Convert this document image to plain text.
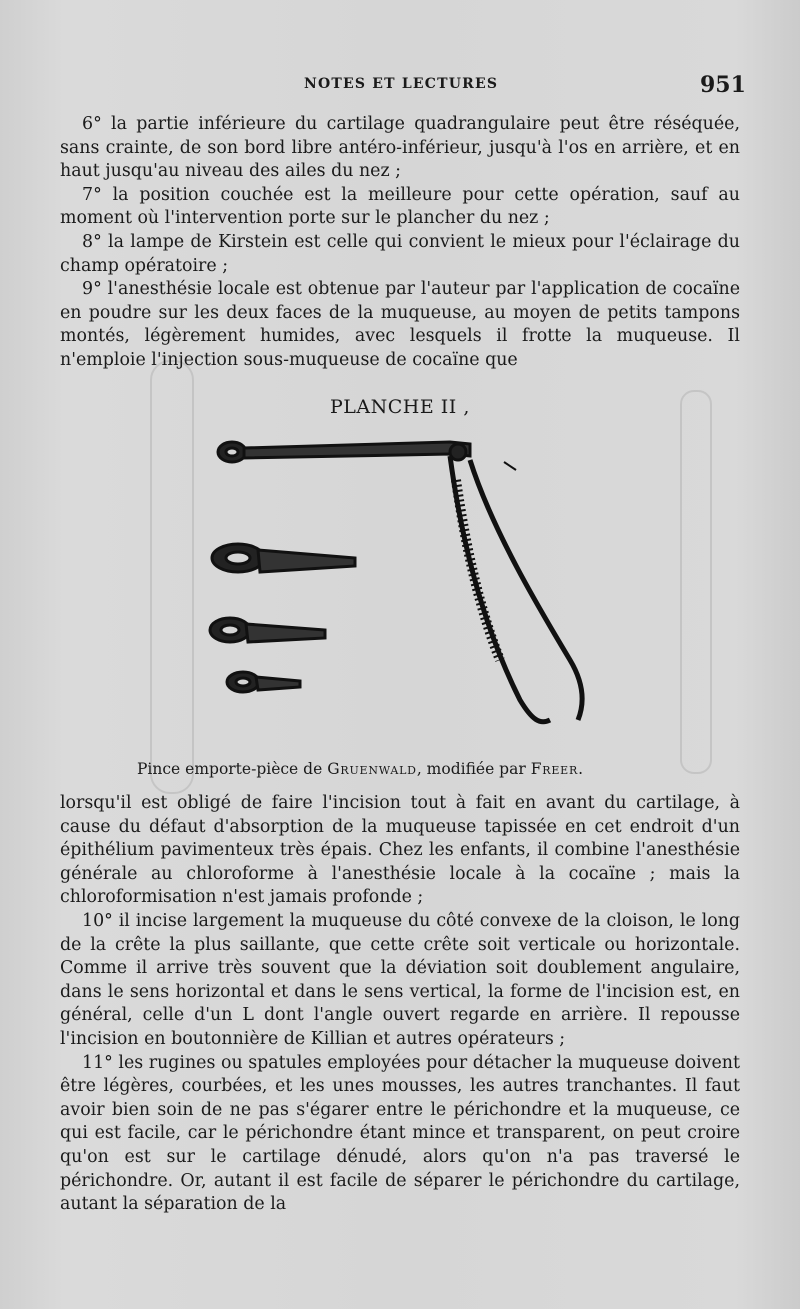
NOTES ET LECTURES	951

6° la partie inférieure du cartilage quadrangulaire peut être réséquée, sans crainte, de son bord libre antéro-inférieur, jusqu'à l'os en arrière, et en haut jusqu'au niveau des ailes du nez ;

7° la position couchée est la meilleure pour cette opération, sauf au moment où l'intervention porte sur le plancher du nez ;

8° la lampe de Kirstein est celle qui convient le mieux pour l'éclairage du champ opératoire ;

9° l'anesthésie locale est obtenue par l'auteur par l'application de cocaïne en poudre sur les deux faces de la muqueuse, au moyen de petits tampons montés, légèrement humides, avec lesquels il frotte la muqueuse. Il n'emploie l'injection sous-muqueuse de cocaïne que

PLANCHE II ,
Pince emporte-pièce de Gruenwald, modifiée par Freer.

lorsqu'il est obligé de faire l'incision tout à fait en avant du cartilage, à cause du défaut d'absorption de la muqueuse tapissée en cet endroit d'un épithélium pavimenteux très épais. Chez les enfants, il combine l'anesthésie générale au chloroforme à l'anesthésie locale à la cocaïne ; mais la chloroformisation n'est jamais profonde ;

10° il incise largement la muqueuse du côté convexe de la cloison, le long de la crête la plus saillante, que cette crête soit verticale ou horizontale. Comme il arrive très souvent que la déviation soit doublement angulaire, dans le sens horizontal et dans le sens vertical, la forme de l'incision est, en général, celle d'un L dont l'angle ouvert regarde en arrière. Il repousse l'incision en boutonnière de Killian et autres opérateurs ;

11° les rugines ou spatules employées pour détacher la muqueuse doivent être légères, courbées, et les unes mousses, les autres tranchantes. Il faut avoir bien soin de ne pas s'égarer entre le périchondre et la muqueuse, ce qui est facile, car le périchondre étant mince et transparent, on peut croire qu'on est sur le cartilage dénudé, alors qu'on n'a pas traversé le périchondre. Or, autant il est facile de séparer le périchondre du cartilage, autant la séparation de la
